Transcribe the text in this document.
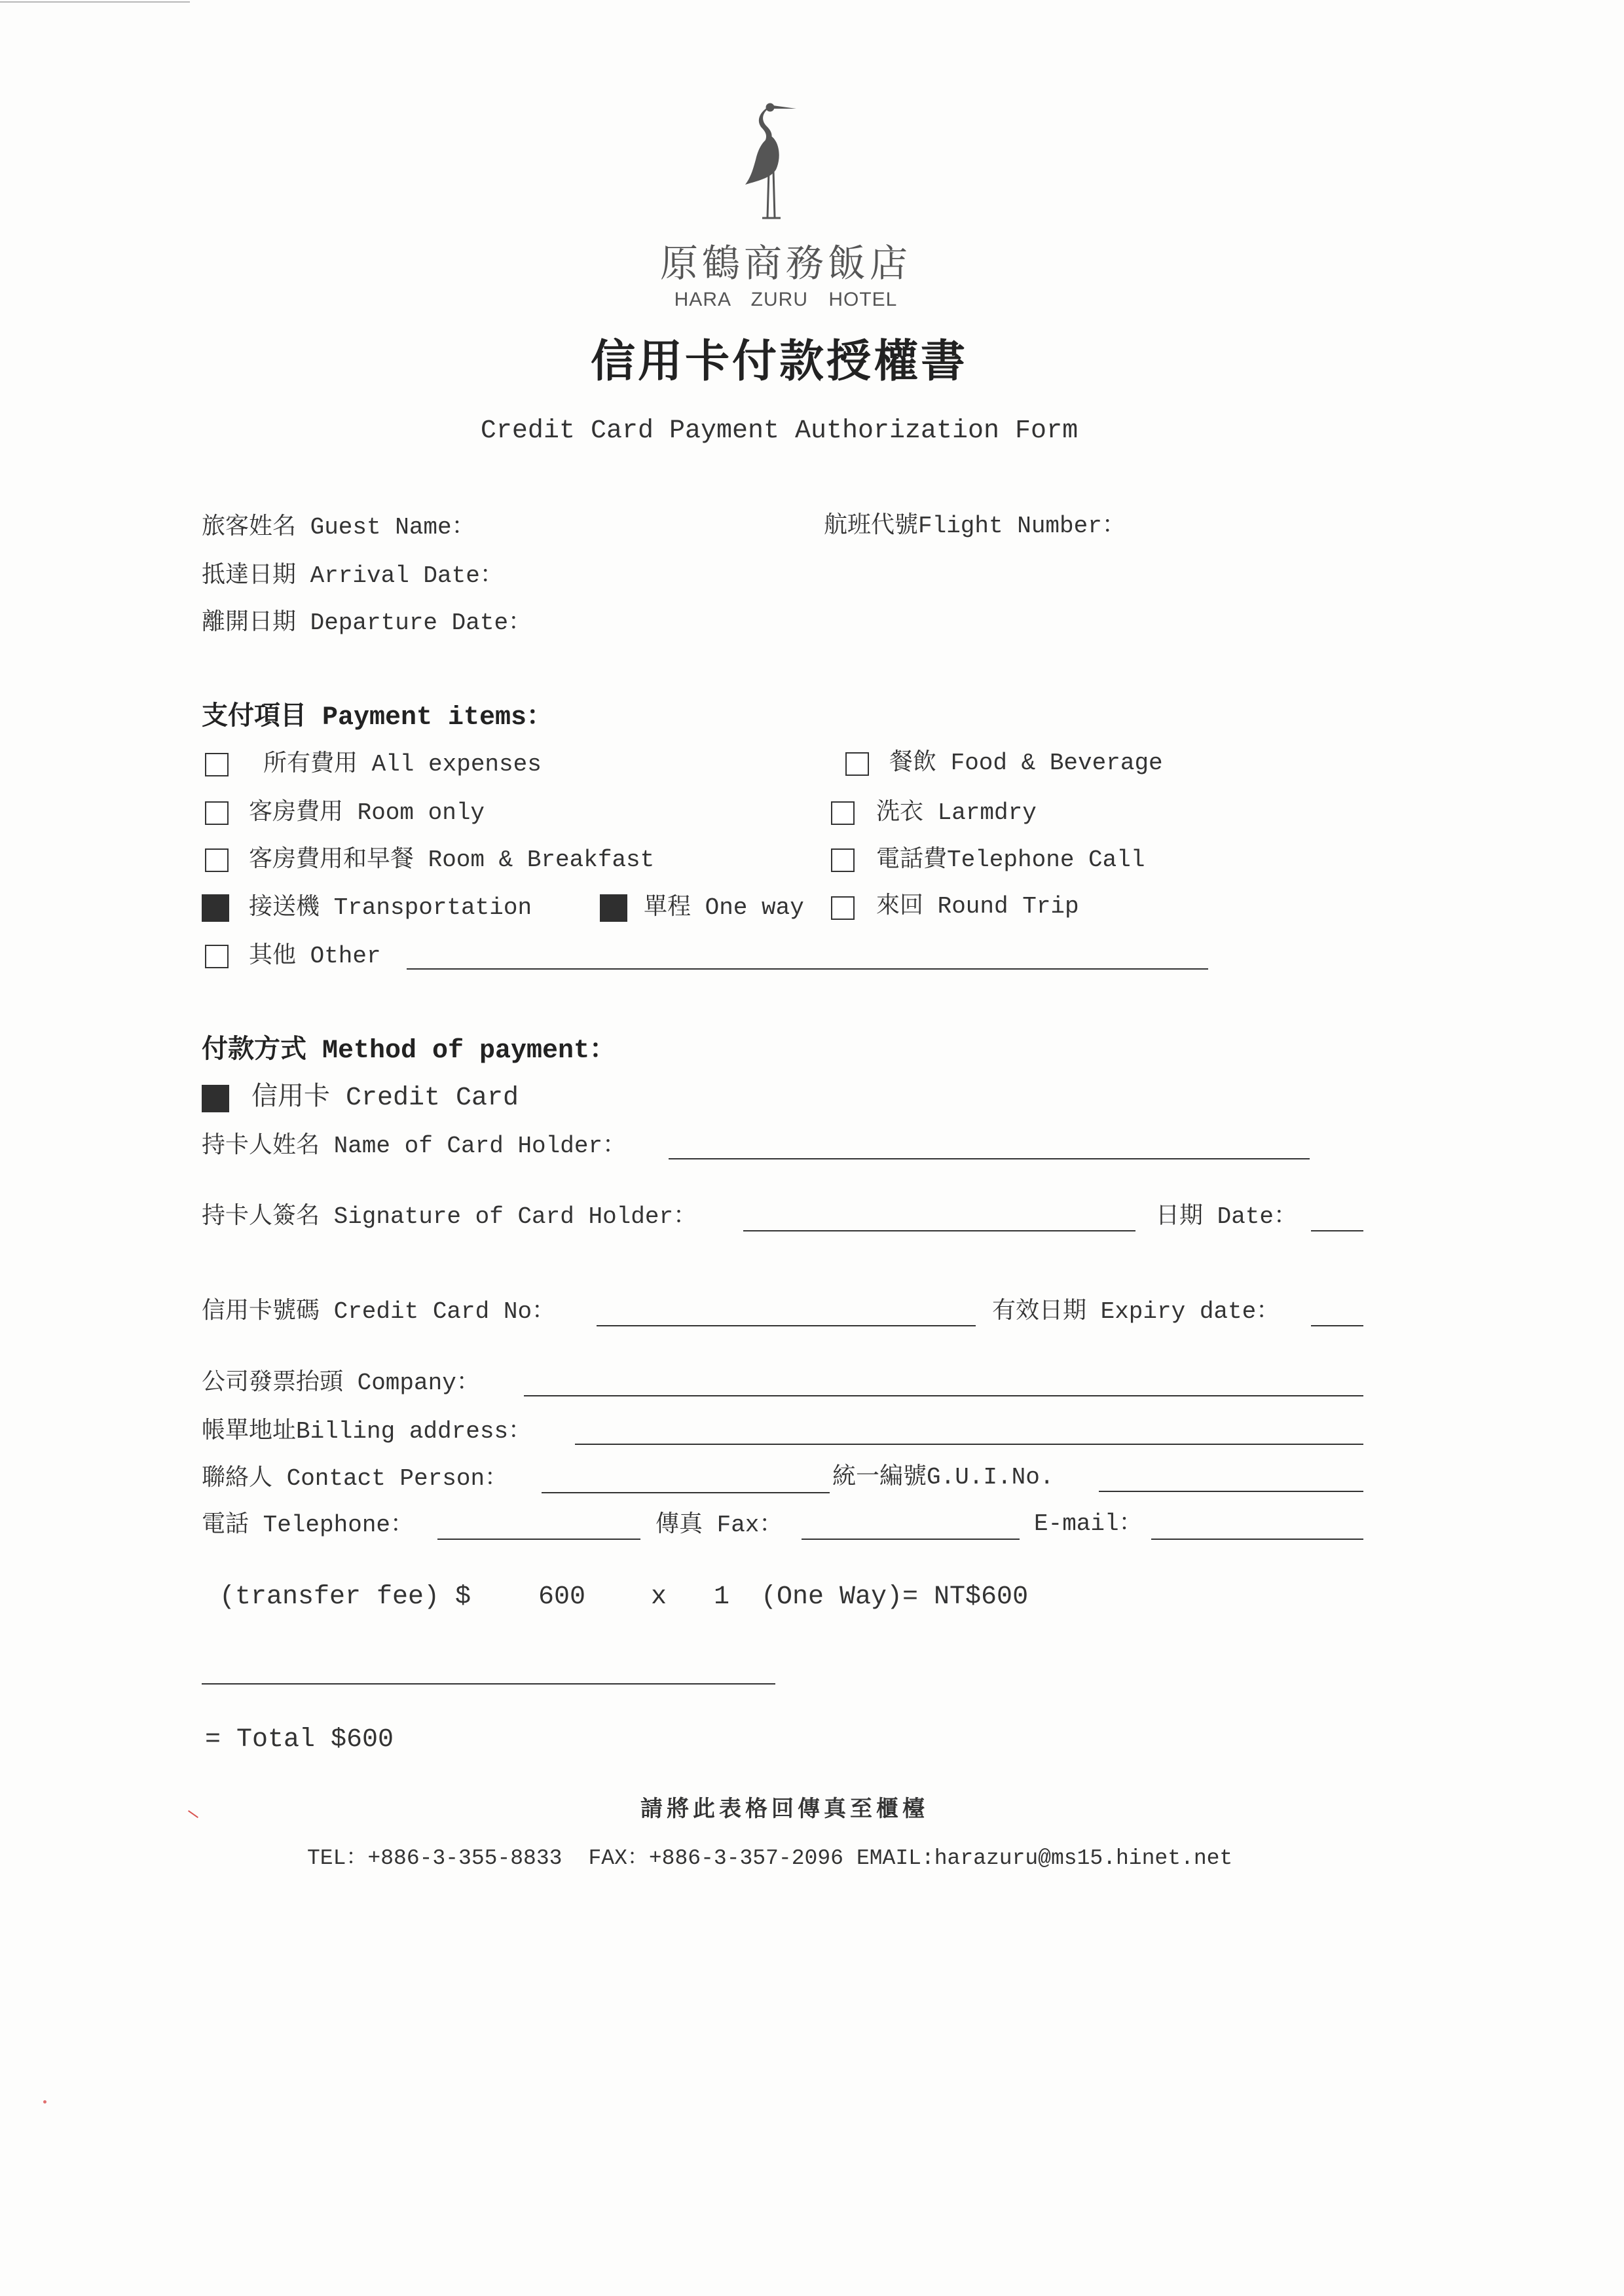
原鶴商務飯店
HARA ZURU HOTEL
信用卡付款授權書
Credit Card Payment Authorization Form
旅客姓名 Guest Name：	航班代號Flight Number：
抵達日期 Arrival Date：
離開日期 Departure Date：
支付項目 Payment items：
所有費用 All expenses	餐飲 Food & Beverage
客房費用 Room only	洗衣 Larmdry
客房費用和早餐 Room & Breakfast	電話費Telephone Call
接送機 Transportation	單程 One way	來回 Round Trip
其他 Other
付款方式 Method of payment：
信用卡 Credit Card
持卡人姓名 Name of Card Holder：
持卡人簽名 Signature of Card Holder：	日期 Date：
信用卡號碼 Credit Card No：	有效日期 Expiry date：
公司發票抬頭 Company：
帳單地址Billing address：
聯絡人 Contact Person：	統一編號G.U.I.No.
電話 Telephone：	傳真 Fax：	E-mail：
(transfer fee) $	600 x 1 (One Way)= NT$600
= Total $600
請將此表格回傳真至櫃檯
TEL：+886-3-355-8833 FAX：+886-3-357-2096 EMAIL:harazuru@ms15.hinet.net
